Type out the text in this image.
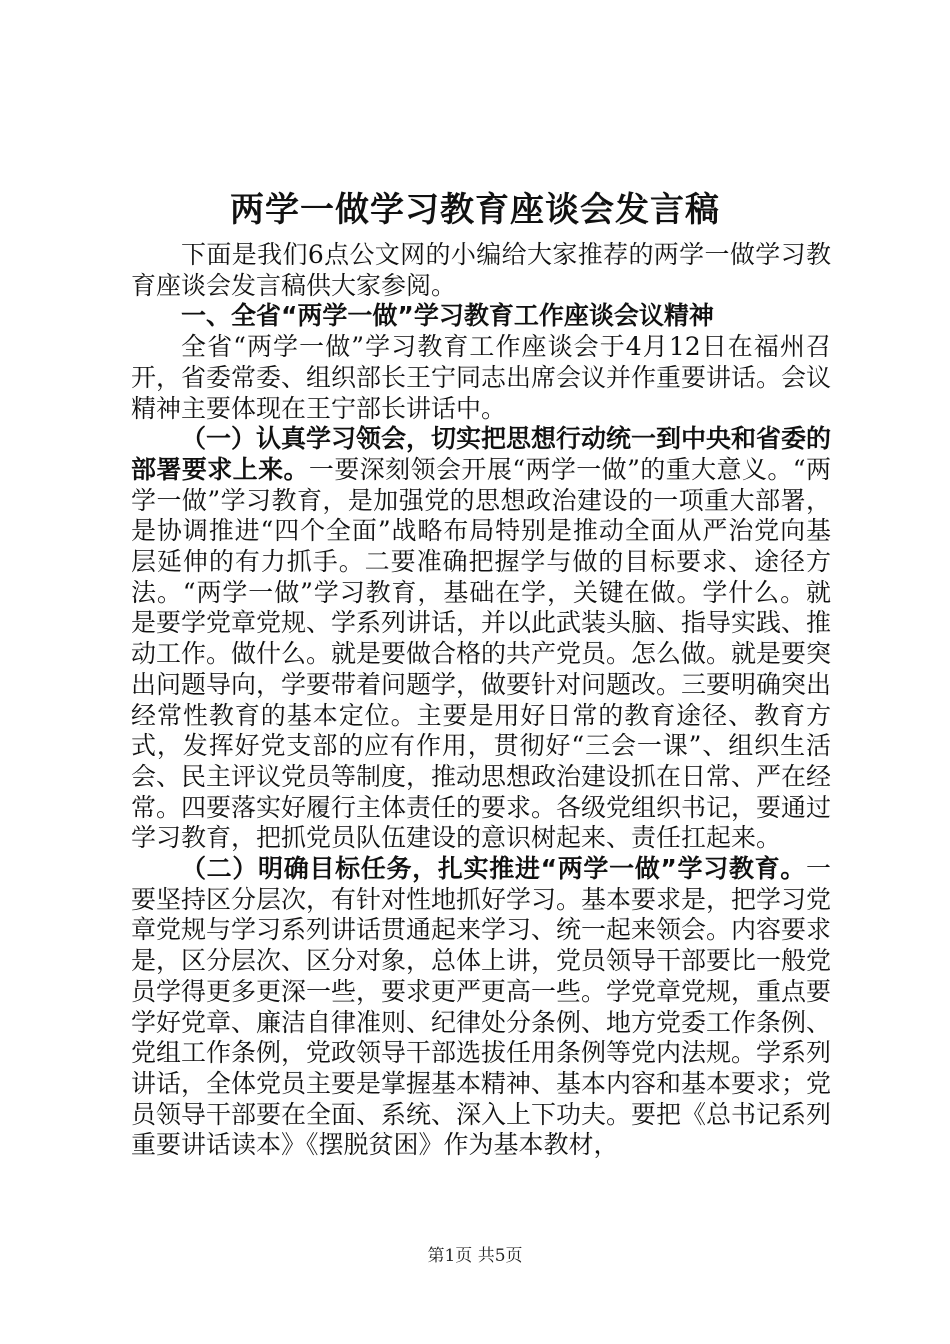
两学一做学习教育座谈会发言稿

下面是我们6点公文网的小编给大家推荐的两学一做学习教育座谈会发言稿供大家参阅。

一、全省“两学一做”学习教育工作座谈会议精神

全省“两学一做”学习教育工作座谈会于4月12日在福州召开，省委常委、组织部长王宁同志出席会议并作重要讲话。会议精神主要体现在王宁部长讲话中。

（一）认真学习领会，切实把思想行动统一到中央和省委的部署要求上来。一要深刻领会开展“两学一做”的重大意义。“两学一做”学习教育，是加强党的思想政治建设的一项重大部署，是协调推进“四个全面”战略布局特别是推动全面从严治党向基层延伸的有力抓手。二要准确把握学与做的目标要求、途径方法。“两学一做”学习教育，基础在学，关键在做。学什么。就是要学党章党规、学系列讲话，并以此武装头脑、指导实践、推动工作。做什么。就是要做合格的共产党员。怎么做。就是要突出问题导向，学要带着问题学，做要针对问题改。三要明确突出经常性教育的基本定位。主要是用好日常的教育途径、教育方式，发挥好党支部的应有作用，贯彻好“三会一课”、组织生活会、民主评议党员等制度，推动思想政治建设抓在日常、严在经常。四要落实好履行主体责任的要求。各级党组织书记，要通过学习教育，把抓党员队伍建设的意识树起来、责任扛起来。

（二）明确目标任务，扎实推进“两学一做”学习教育。一要坚持区分层次，有针对性地抓好学习。基本要求是，把学习党章党规与学习系列讲话贯通起来学习、统一起来领会。内容要求是，区分层次、区分对象，总体上讲，党员领导干部要比一般党员学得更多更深一些，要求更严更高一些。学党章党规，重点要学好党章、廉洁自律准则、纪律处分条例、地方党委工作条例、党组工作条例，党政领导干部选拔任用条例等党内法规。学系列讲话，全体党员主要是掌握基本精神、基本内容和基本要求；党员领导干部要在全面、系统、深入上下功夫。要把《总书记系列重要讲话读本》《摆脱贫困》作为基本教材，

第1页 共5页
